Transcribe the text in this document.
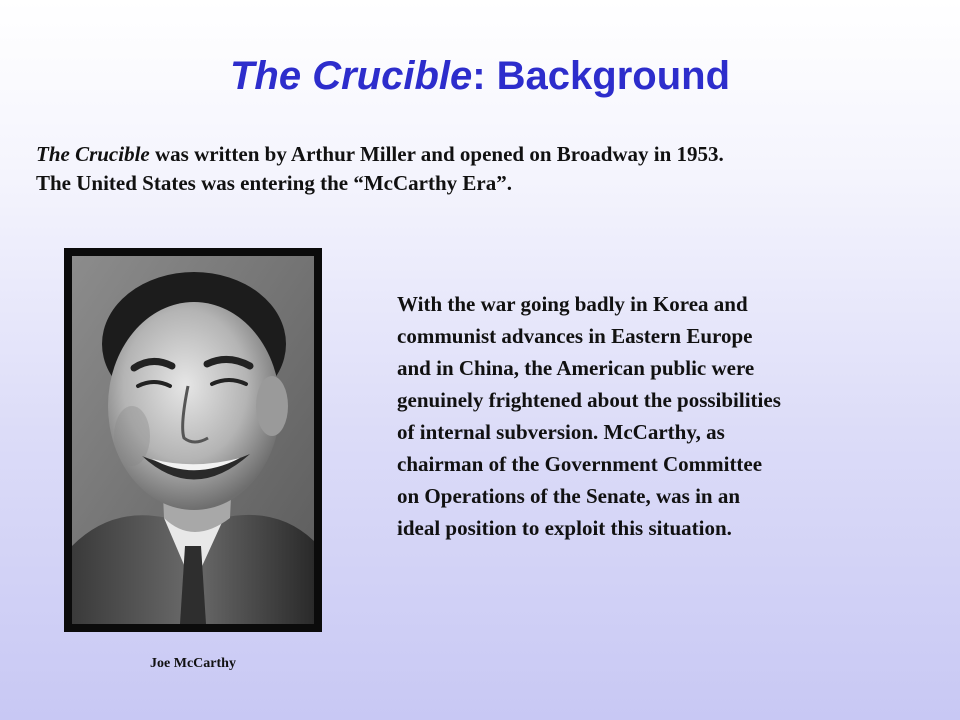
The Crucible: Background

The Crucible was written by Arthur Miller and opened on Broadway in 1953.
The United States was entering the “McCarthy Era”.

Joe McCarthy

With the war going badly in Korea and
communist advances in Eastern Europe
and in China, the American public were
genuinely frightened about the possibilities
of internal subversion. McCarthy, as
chairman of the Government Committee
on Operations of the Senate, was in an
ideal position to exploit this situation.
